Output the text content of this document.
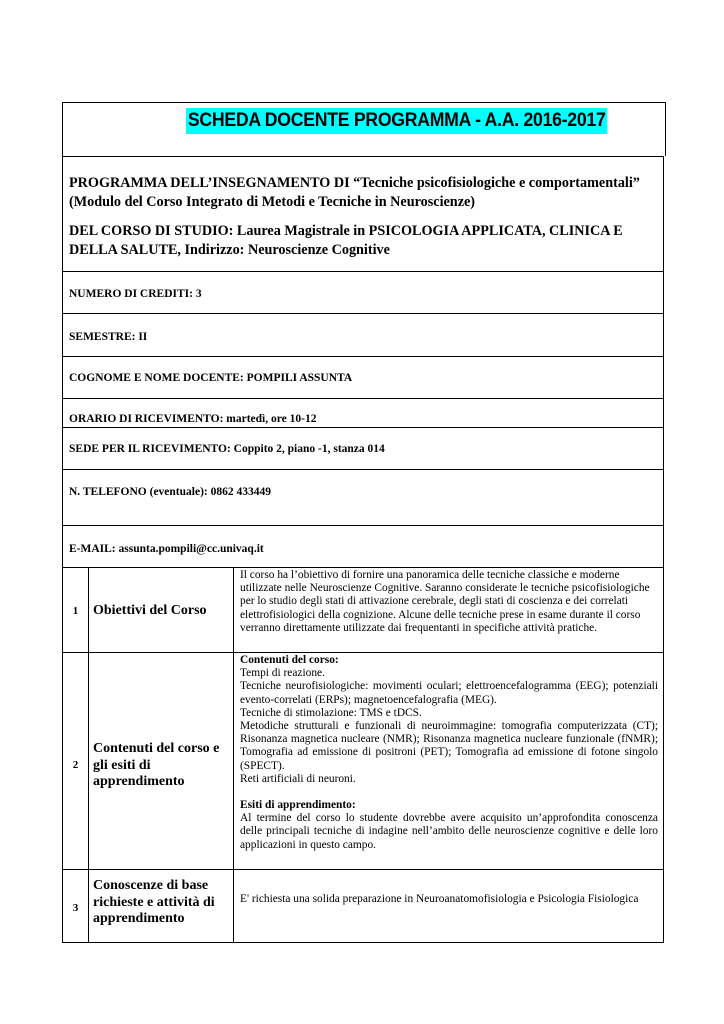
SCHEDA DOCENTE PROGRAMMA - A.A. 2016-2017
PROGRAMMA DELL’INSEGNAMENTO DI “Tecniche psicofisiologiche e comportamentali” (Modulo del Corso Integrato di Metodi e Tecniche in Neuroscienze)
DEL CORSO DI STUDIO: Laurea Magistrale in PSICOLOGIA APPLICATA, CLINICA E DELLA SALUTE, Indirizzo: Neuroscienze Cognitive
NUMERO DI CREDITI: 3
SEMESTRE: II
COGNOME E NOME DOCENTE: POMPILI ASSUNTA
ORARIO DI RICEVIMENTO: martedì, ore 10-12
SEDE PER IL RICEVIMENTO: Coppito 2, piano -1, stanza 014
N. TELEFONO (eventuale): 0862 433449
E-MAIL: assunta.pompili@cc.univaq.it
1	Obiettivi del Corso
Il corso ha l’obiettivo di fornire una panoramica delle tecniche classiche e moderne utilizzate nelle Neuroscienze Cognitive. Saranno considerate le tecniche psicofisiologiche per lo studio degli stati di attivazione cerebrale, degli stati di coscienza e dei correlati elettrofisiologici della cognizione. Alcune delle tecniche prese in esame durante il corso verranno direttamente utilizzate dai frequentanti in specifiche attività pratiche.
2
Contenuti del corso e gli esiti di apprendimento

Contenuti del corso:

Tempi di reazione.

Tecniche neurofisiologiche: movimenti oculari; elettroencefalogramma (EEG); potenziali evento-correlati (ERPs); magnetoencefalografia (MEG).

Tecniche di stimolazione: TMS e tDCS.

Metodiche strutturali e funzionali di neuroimmagine: tomografia computerizzata (CT); Risonanza magnetica nucleare (NMR); Risonanza magnetica nucleare funzionale (fNMR); Tomografia ad emissione di positroni (PET); Tomografia ad emissione di fotone singolo (SPECT).

Reti artificiali di neuroni.

Esiti di apprendimento:

Al termine del corso lo studente dovrebbe avere acquisito un’approfondita conoscenza delle principali tecniche di indagine nell’ambito delle neuroscienze cognitive e delle loro applicazioni in questo campo.

3
Conoscenze di base richieste e attività di apprendimento
E' richiesta una solida preparazione in Neuroanatomofisiologia e Psicologia Fisiologica
